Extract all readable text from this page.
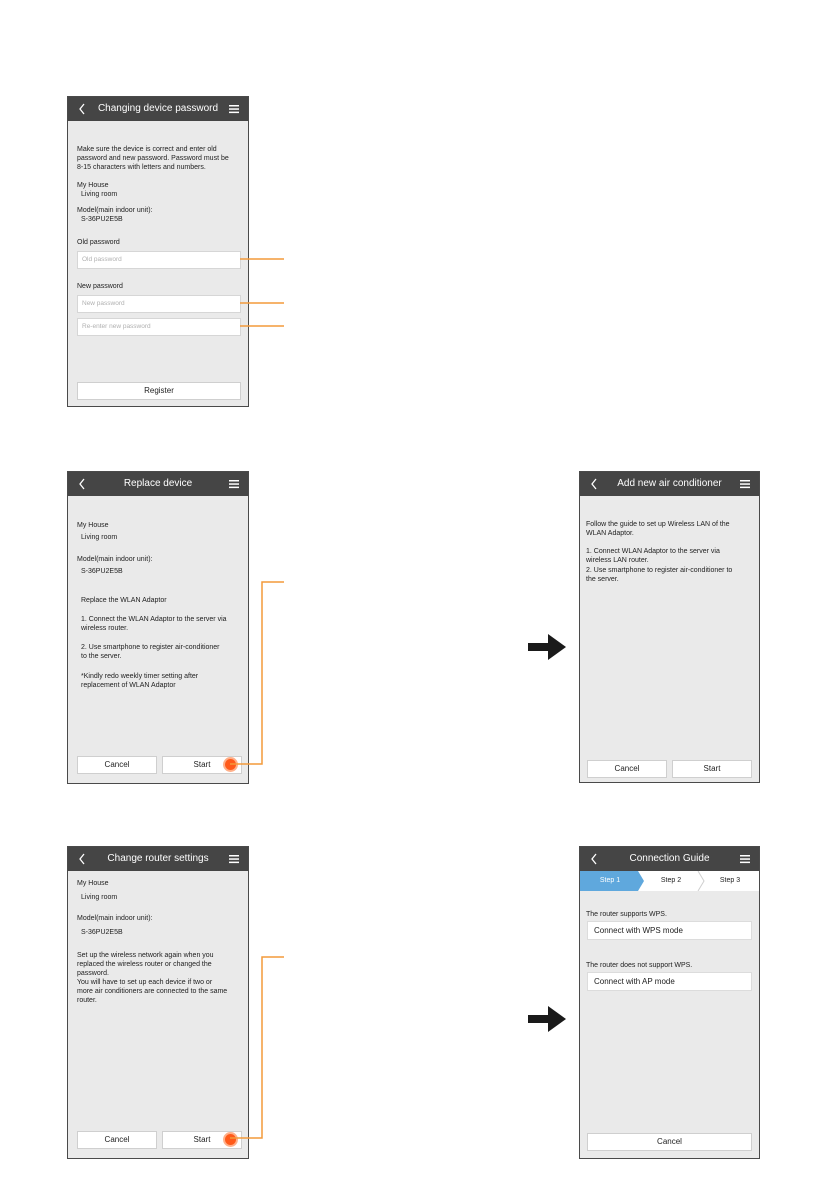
Changing device password
Make sure the device is correct and enter old
password and new password. Password must be
8-15 characters with letters and numbers.
My House
Living room
Model(main indoor unit):
S-36PU2E5B
Old password
Old password
New password
New password
Re-enter new password
Register
Replace device
My House
Living room
Model(main indoor unit):
S-36PU2E5B
Replace the WLAN Adaptor
1. Connect the WLAN Adaptor to the server via
wireless router.
2. Use smartphone to register air-conditioner
to the server.
*Kindly redo weekly timer setting after
replacement of WLAN Adaptor
Cancel	Start
Add new air conditioner
Follow the guide to set up Wireless LAN of the
WLAN Adaptor.
1. Connect WLAN Adaptor to the server via
wireless LAN router.
2. Use smartphone to register air-conditioner to
the server.
Cancel	Start
Change router settings
My House
Living room
Model(main indoor unit):
S-36PU2E5B
Set up the wireless network again when you
replaced the wireless router or changed the
password.
You will have to set up each device if two or
more air conditioners are connected to the same
router.
Cancel	Start
Connection Guide
Step 1	Step 2	Step 3
The router supports WPS.
Connect with WPS mode
The router does not support WPS.
Connect with AP mode
Cancel
